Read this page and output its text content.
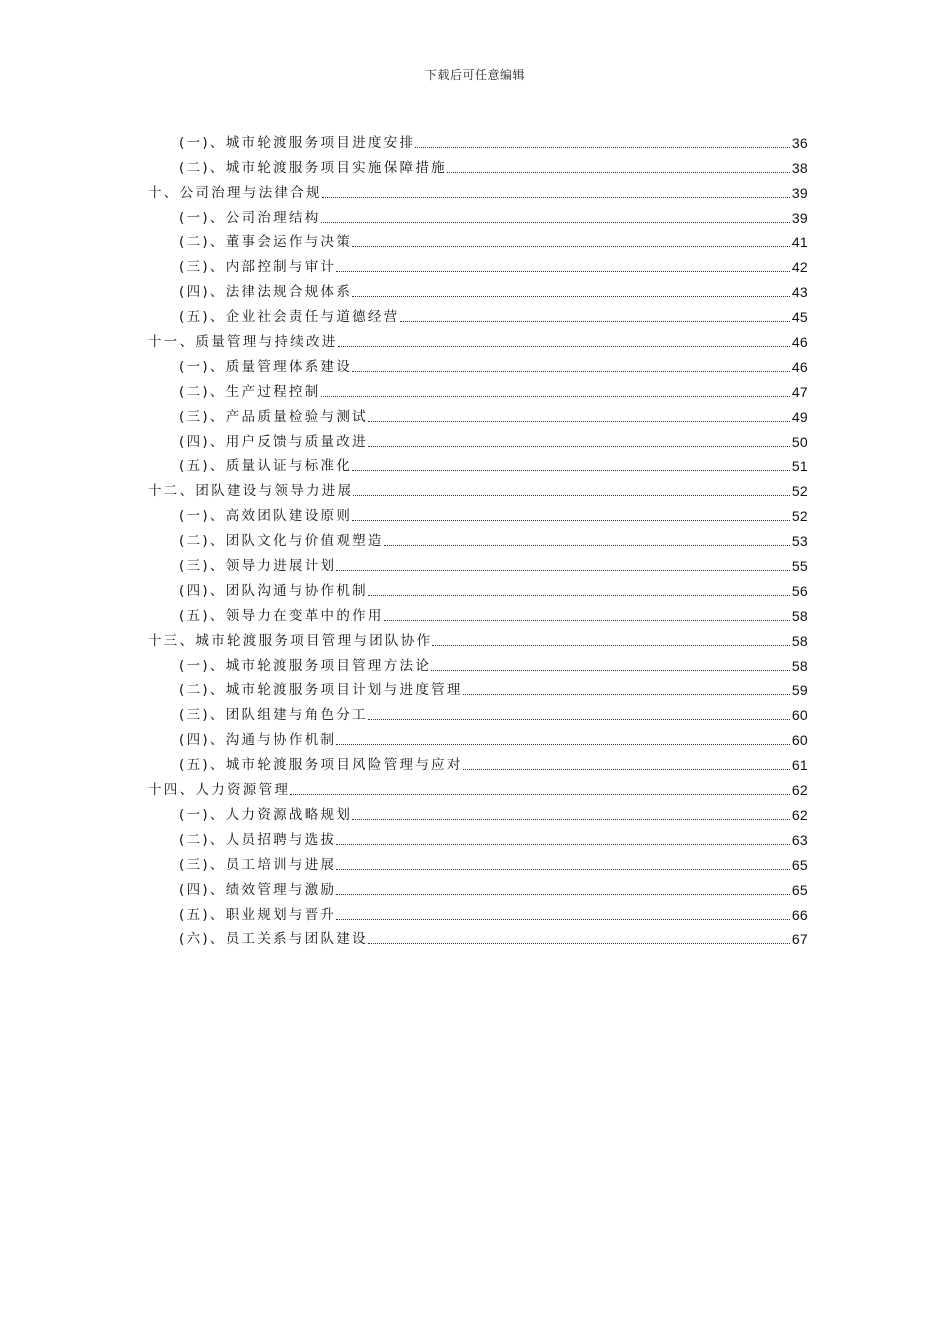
下载后可任意编辑
(一)、城市轮渡服务项目进度安排	36
(二)、城市轮渡服务项目实施保障措施	38
十、公司治理与法律合规	39
(一)、公司治理结构	39
(二)、董事会运作与决策	41
(三)、内部控制与审计	42
(四)、法律法规合规体系	43
(五)、企业社会责任与道德经营	45
十一、质量管理与持续改进	46
(一)、质量管理体系建设	46
(二)、生产过程控制	47
(三)、产品质量检验与测试	49
(四)、用户反馈与质量改进	50
(五)、质量认证与标准化	51
十二、团队建设与领导力进展	52
(一)、高效团队建设原则	52
(二)、团队文化与价值观塑造	53
(三)、领导力进展计划	55
(四)、团队沟通与协作机制	56
(五)、领导力在变革中的作用	58
十三、城市轮渡服务项目管理与团队协作	58
(一)、城市轮渡服务项目管理方法论	58
(二)、城市轮渡服务项目计划与进度管理	59
(三)、团队组建与角色分工	60
(四)、沟通与协作机制	60
(五)、城市轮渡服务项目风险管理与应对	61
十四、人力资源管理	62
(一)、人力资源战略规划	62
(二)、人员招聘与选拔	63
(三)、员工培训与进展	65
(四)、绩效管理与激励	65
(五)、职业规划与晋升	66
(六)、员工关系与团队建设	67
